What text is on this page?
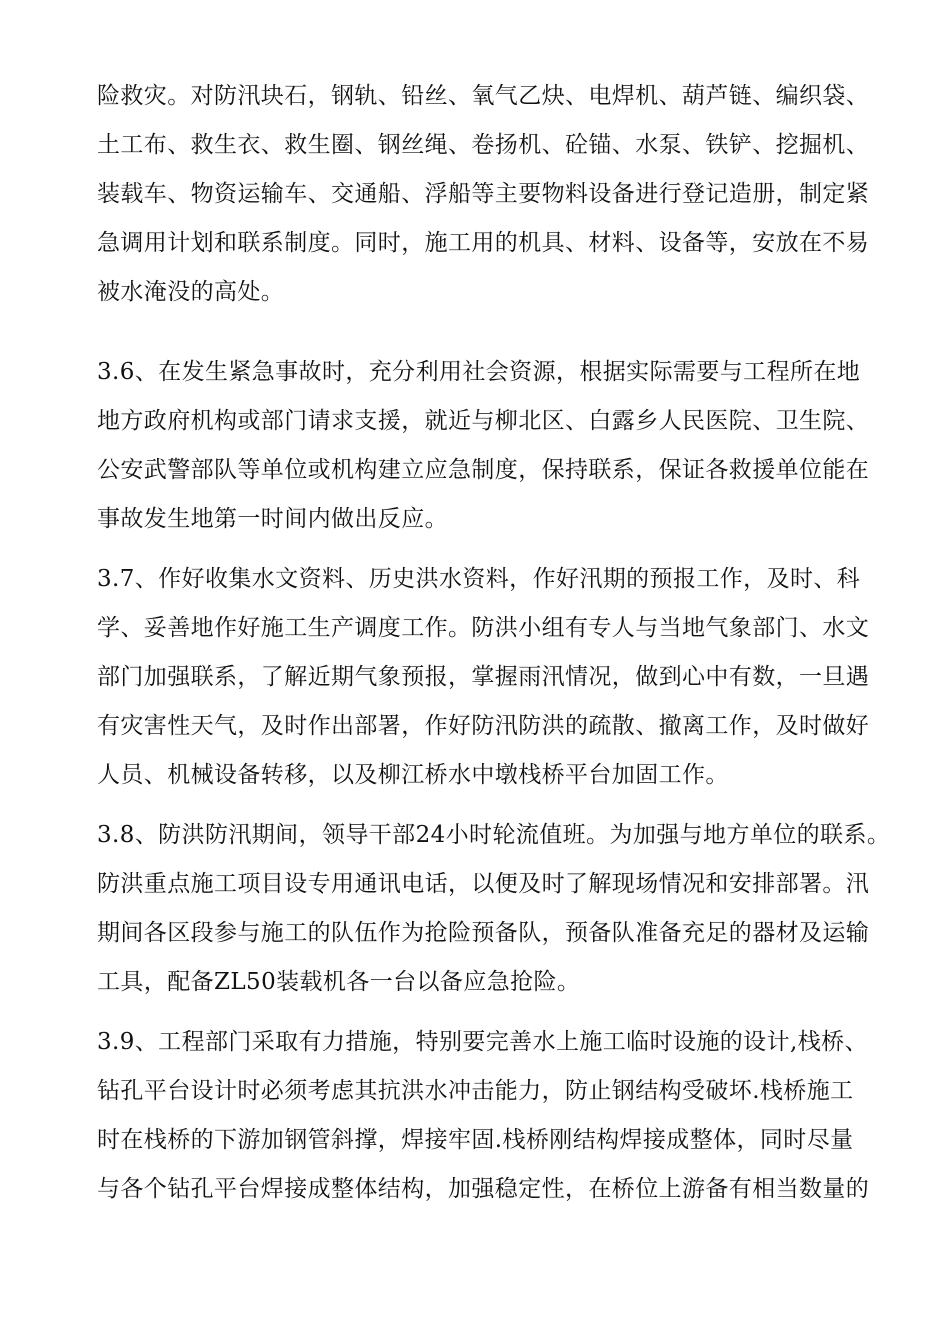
险救灾。对防汛块石，钢轨、铅丝、氧气乙炔、电焊机、葫芦链、编织袋、
土工布、救生衣、救生圈、钢丝绳、卷扬机、砼锚、水泵、铁铲、挖掘机、
装载车、物资运输车、交通船、浮船等主要物料设备进行登记造册，制定紧
急调用计划和联系制度。同时，施工用的机具、材料、设备等，安放在不易
被水淹没的高处。
3.6、在发生紧急事故时，充分利用社会资源，根据实际需要与工程所在地
地方政府机构或部门请求支援，就近与柳北区、白露乡人民医院、卫生院、
公安武警部队等单位或机构建立应急制度，保持联系，保证各救援单位能在
事故发生地第一时间内做出反应。
3.7、作好收集水文资料、历史洪水资料，作好汛期的预报工作，及时、科
学、妥善地作好施工生产调度工作。防洪小组有专人与当地气象部门、水文
部门加强联系，了解近期气象预报，掌握雨汛情况，做到心中有数，一旦遇
有灾害性天气，及时作出部署，作好防汛防洪的疏散、撤离工作，及时做好
人员、机械设备转移，以及柳江桥水中墩栈桥平台加固工作。
3.8、防洪防汛期间，领导干部24小时轮流值班。为加强与地方单位的联系。
防洪重点施工项目设专用通讯电话，以便及时了解现场情况和安排部署。汛
期间各区段参与施工的队伍作为抢险预备队，预备队准备充足的器材及运输
工具，配备ZL50装载机各一台以备应急抢险。
3.9、工程部门采取有力措施，特别要完善水上施工临时设施的设计,栈桥、
钻孔平台设计时必须考虑其抗洪水冲击能力，防止钢结构受破坏.栈桥施工
时在栈桥的下游加钢管斜撑，焊接牢固.栈桥刚结构焊接成整体，同时尽量
与各个钻孔平台焊接成整体结构，加强稳定性，在桥位上游备有相当数量的
